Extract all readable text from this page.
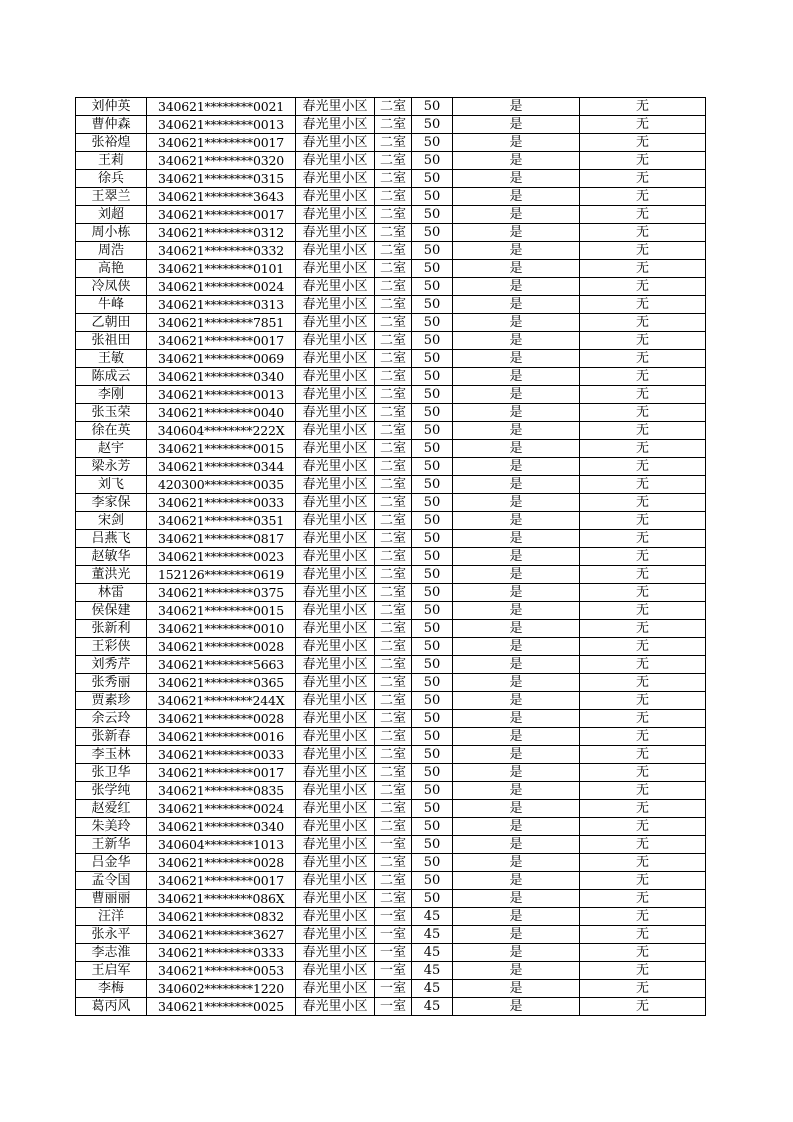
刘仲英	340621********0021	春光里小区	二室	50	是	无
曹仲森	340621********0013	春光里小区	二室	50	是	无
张裕煌	340621********0017	春光里小区	二室	50	是	无
王莉	340621********0320	春光里小区	二室	50	是	无
徐兵	340621********0315	春光里小区	二室	50	是	无
王翠兰	340621********3643	春光里小区	二室	50	是	无
刘超	340621********0017	春光里小区	二室	50	是	无
周小栋	340621********0312	春光里小区	二室	50	是	无
周浩	340621********0332	春光里小区	二室	50	是	无
高艳	340621********0101	春光里小区	二室	50	是	无
冷凤侠	340621********0024	春光里小区	二室	50	是	无
牛峰	340621********0313	春光里小区	二室	50	是	无
乙朝田	340621********7851	春光里小区	二室	50	是	无
张祖田	340621********0017	春光里小区	二室	50	是	无
王敏	340621********0069	春光里小区	二室	50	是	无
陈成云	340621********0340	春光里小区	二室	50	是	无
李刚	340621********0013	春光里小区	二室	50	是	无
张玉荣	340621********0040	春光里小区	二室	50	是	无
徐在英	340604********222X	春光里小区	二室	50	是	无
赵宇	340621********0015	春光里小区	二室	50	是	无
梁永芳	340621********0344	春光里小区	二室	50	是	无
刘飞	420300********0035	春光里小区	二室	50	是	无
李家保	340621********0033	春光里小区	二室	50	是	无
宋剑	340621********0351	春光里小区	二室	50	是	无
吕燕飞	340621********0817	春光里小区	二室	50	是	无
赵敏华	340621********0023	春光里小区	二室	50	是	无
董洪光	152126********0619	春光里小区	二室	50	是	无
林雷	340621********0375	春光里小区	二室	50	是	无
侯保建	340621********0015	春光里小区	二室	50	是	无
张新利	340621********0010	春光里小区	二室	50	是	无
王彩侠	340621********0028	春光里小区	二室	50	是	无
刘秀芹	340621********5663	春光里小区	二室	50	是	无
张秀丽	340621********0365	春光里小区	二室	50	是	无
贾素珍	340621********244X	春光里小区	二室	50	是	无
余云玲	340621********0028	春光里小区	二室	50	是	无
张新春	340621********0016	春光里小区	二室	50	是	无
李玉林	340621********0033	春光里小区	二室	50	是	无
张卫华	340621********0017	春光里小区	二室	50	是	无
张学纯	340621********0835	春光里小区	二室	50	是	无
赵爱红	340621********0024	春光里小区	二室	50	是	无
朱美玲	340621********0340	春光里小区	二室	50	是	无
王新华	340604********1013	春光里小区	一室	50	是	无
吕金华	340621********0028	春光里小区	二室	50	是	无
孟令国	340621********0017	春光里小区	二室	50	是	无
曹丽丽	340621********086X	春光里小区	二室	50	是	无
汪洋	340621********0832	春光里小区	一室	45	是	无
张永平	340621********3627	春光里小区	一室	45	是	无
李志淮	340621********0333	春光里小区	一室	45	是	无
王启军	340621********0053	春光里小区	一室	45	是	无
李梅	340602********1220	春光里小区	一室	45	是	无
葛丙风	340621********0025	春光里小区	一室	45	是	无
